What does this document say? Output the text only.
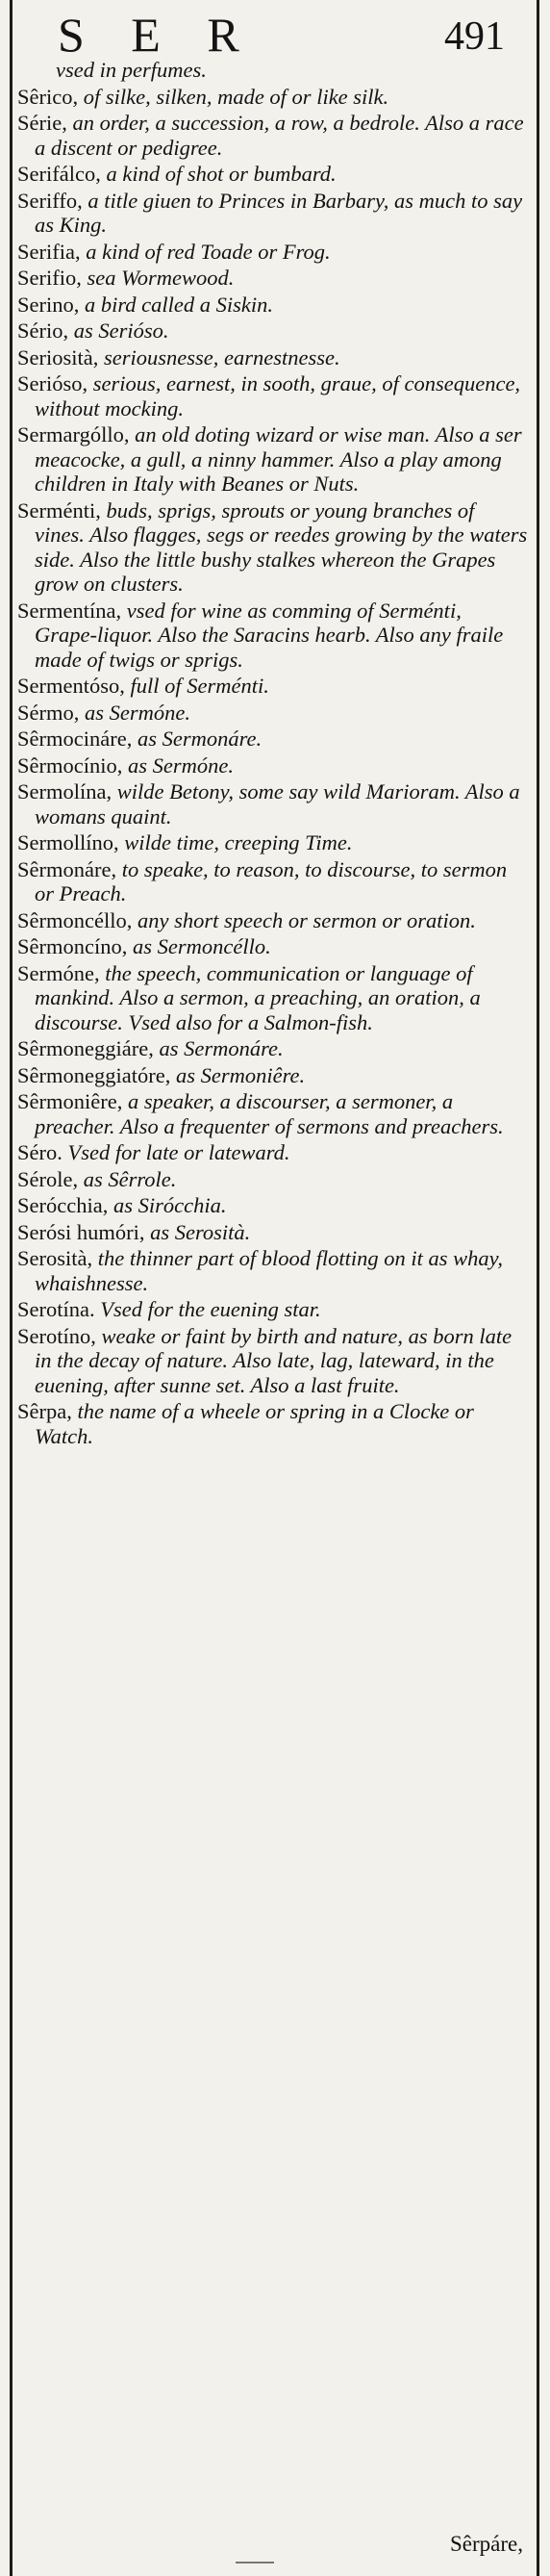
S E R	491
vsed in perfumes.
Sêrico, of silke, silken, made of or like silk.
Série, an order, a succession, a row, a bedrole. Also a race a discent or pedigree.
Serifálco, a kind of shot or bumbard.
Seriffo, a title giuen to Princes in Barbary, as much to say as King.
Serifia, a kind of red Toade or Frog.
Serifio, sea Wormewood.
Serino, a bird called a Siskin.
Sério, as Serióso.
Seriosità, seriousnesse, earnestnesse.
Serióso, serious, earnest, in sooth, graue, of consequence, without mocking.
Sermargóllo, an old doting wizard or wise man. Also a ser meacocke, a gull, a ninny hammer. Also a play among children in Italy with Beanes or Nuts.
Serménti, buds, sprigs, sprouts or young branches of vines. Also flagges, segs or reedes growing by the waters side. Also the little bushy stalkes whereon the Grapes grow on clusters.
Sermentína, vsed for wine as comming of Serménti, Grape-liquor. Also the Saracins hearb. Also any fraile made of twigs or sprigs.
Sermentóso, full of Serménti.
Sérmo, as Sermóne.
Sêrmocináre, as Sermonáre.
Sêrmocínio, as Sermóne.
Sermolína, wilde Betony, some say wild Marioram. Also a womans quaint.
Sermollíno, wilde time, creeping Time.
Sêrmonáre, to speake, to reason, to discourse, to sermon or Preach.
Sêrmoncéllo, any short speech or sermon or oration.
Sêrmoncíno, as Sermoncéllo.
Sermóne, the speech, communication or language of mankind. Also a sermon, a preaching, an oration, a discourse. Vsed also for a Salmon-fish.
Sêrmoneggiáre, as Sermonáre.
Sêrmoneggiatóre, as Sermoniêre.
Sêrmoniêre, a speaker, a discourser, a sermoner, a preacher. Also a frequenter of sermons and preachers.
Séro. Vsed for late or lateward.
Sérole, as Sêrrole.
Serócchia, as Sirócchia.
Serósi humóri, as Serosità.
Serosità, the thinner part of blood flotting on it as whay, whaishnesse.
Serotína. Vsed for the euening star.
Serotíno, weake or faint by birth and nature, as born late in the decay of nature. Also late, lag, lateward, in the euening, after sunne set. Also a last fruite.
Sêrpa, the name of a wheele or spring in a Clocke or Watch.
Sêrpáre,
